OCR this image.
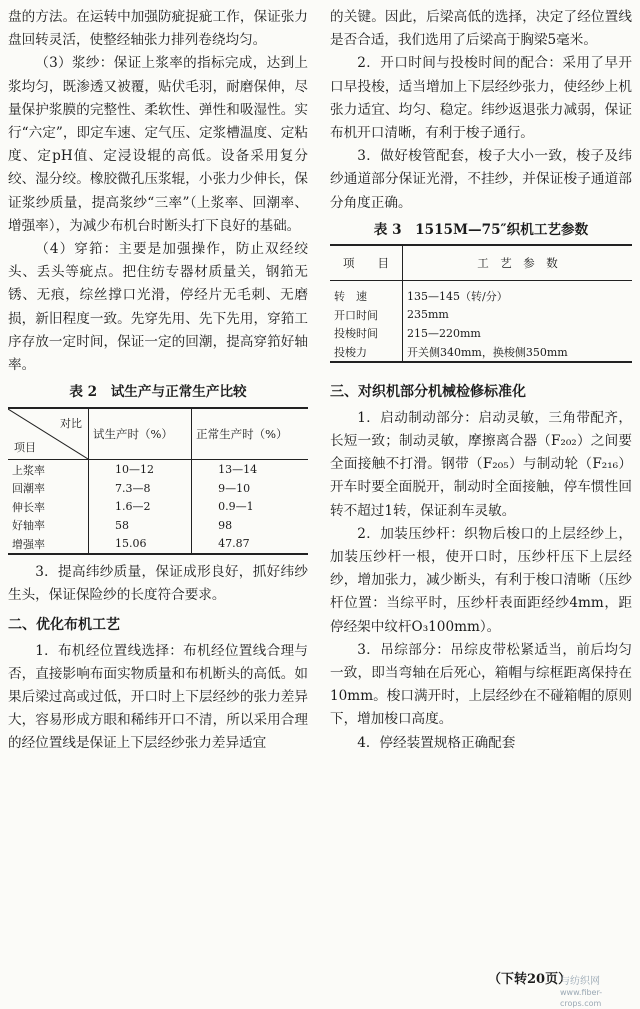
盘的方法。在运转中加强防疵捉疵工作，保证张力盘回转灵活，使整经轴张力排列卷绕均匀。

（3）浆纱：保证上浆率的指标完成，达到上浆均匀，既渗透又被覆，贴伏毛羽，耐磨保伸，尽量保护浆膜的完整性、柔软性、弹性和吸湿性。实行“六定”，即定车速、定气压、定浆槽温度、定粘度、定pH值、定浸设辊的高低。设备采用复分绞、湿分绞。橡胶微孔压浆辊，小张力少伸长，保证浆纱质量，提高浆纱“三率”（上浆率、回潮率、增强率），为减少布机台时断头打下良好的基础。

（4）穿筘：主要是加强操作，防止双经绞头、丢头等疵点。把住纺专器材质量关，钢筘无锈、无痕，综丝撑口光滑，停经片无毛刺、无磨损，新旧程度一致。先穿先用、先下先用，穿筘工序存放一定时间，保证一定的回潮，提高穿筘好轴率。

表 2　试生产与正常生产比较
对比
项目	试生产时（%）	正常生产时（%）
上浆率	10—12	13—14
回潮率	7.3—8	9—10
伸长率	1.6—2	0.9—1
好轴率	58	98
增强率	15.06	47.87

3．提高纬纱质量，保证成形良好，抓好纬纱生头，保证保险纱的长度符合要求。

二、优化布机工艺

1．布机经位置线选择：布机经位置线合理与否，直接影响布面实物质量和布机断头的高低。如果后梁过高或过低，开口时上下层经纱的张力差异大，容易形成方眼和稀纬开口不清，所以采用合理的经位置线是保证上下层经纱张力差异适宜

的关键。因此，后梁高低的选择，决定了经位置线是否合适，我们选用了后梁高于胸梁5毫米。

2．开口时间与投梭时间的配合：采用了早开口早投梭，适当增加上下层经纱张力，使经纱上机张力适宜、均匀、稳定。纬纱返退张力减弱，保证布机开口清晰，有利于梭子通行。

3．做好梭管配套，梭子大小一致，梭子及纬纱通道部分保证光滑，不挂纱，并保证梭子通道部分角度正确。

表 3　1515M—75″织机工艺参数
项　　目	工　艺　参　数
转　速	135—145（转/分）
开口时间	235mm
投梭时间	215—220mm
投梭力	开关侧340mm，换梭侧350mm
三、对织机部分机械检修标准化

1．启动制动部分：启动灵敏，三角带配齐，长短一致；制动灵敏，摩擦离合器（F₂₀₂）之间要全面接触不打滑。钢带（F₂₀₅）与制动轮（F₂₁₆）开车时要全面脱开，制动时全面接触，停车惯性回转不超过1转，保证刹车灵敏。

2．加装压纱杆：织物后梭口的上层经纱上，加装压纱杆一根，使开口时，压纱杆压下上层经纱，增加张力，减少断头，有利于梭口清晰（压纱杆位置：当综平时，压纱杆表面距经纱4mm，距停经架中纹杆O₃100mm）。

3．吊综部分：吊综皮带松紧适当，前后均匀一致，即当弯轴在后死心，箱帽与综框距离保持在10mm。梭口满开时，上层经纱在不碰箱帽的原则下，增加梭口高度。

4．停经装置规格正确配套

（下转20页）
与纺织网
www.fiber-crops.com
